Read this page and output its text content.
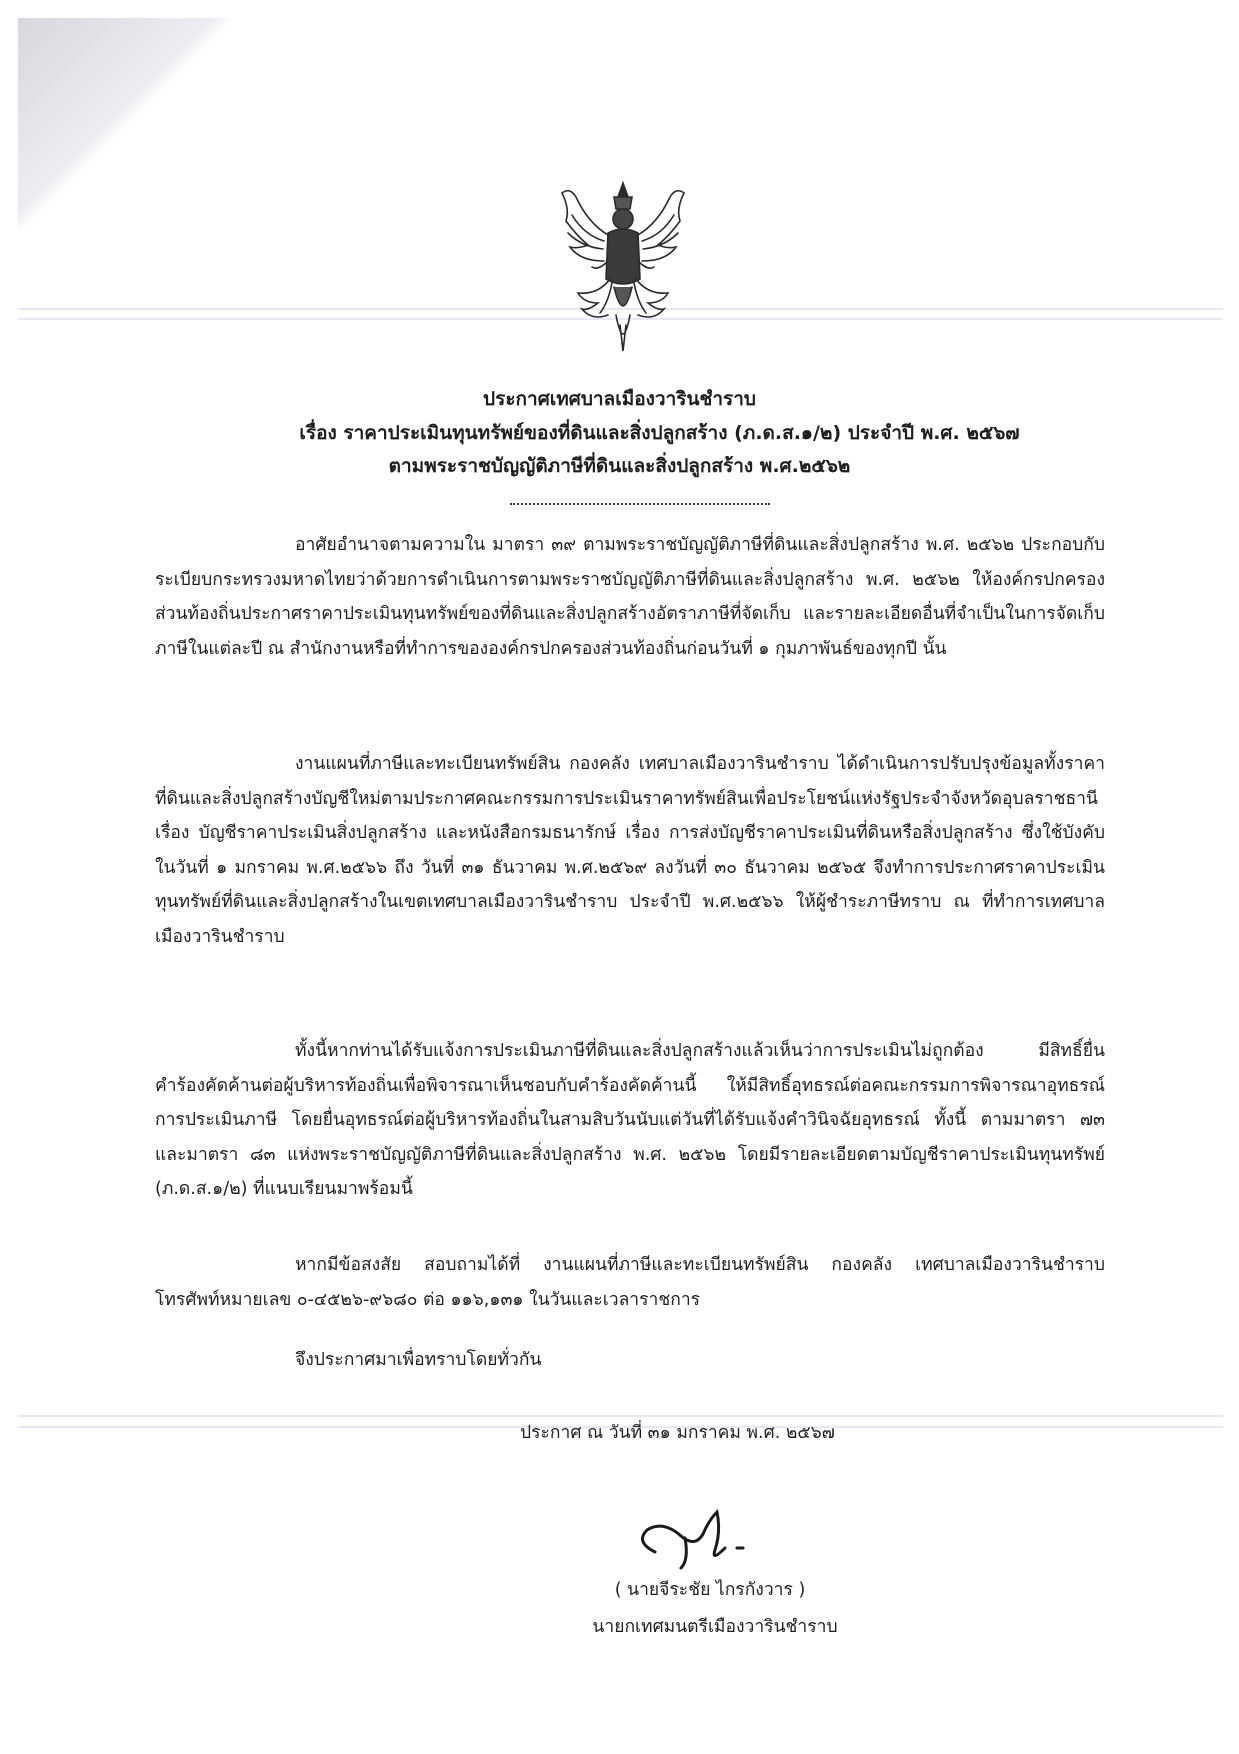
ประกาศเทศบาลเมืองวารินชำราบ
เรื่อง ราคาประเมินทุนทรัพย์ของที่ดินและสิ่งปลูกสร้าง (ภ.ด.ส.๑/๒) ประจำปี พ.ศ. ๒๕๖๗
ตามพระราชบัญญัติภาษีที่ดินและสิ่งปลูกสร้าง พ.ศ.๒๕๖๒
อาศัยอำนาจตามความใน มาตรา ๓๙ ตามพระราชบัญญัติภาษีที่ดินและสิ่งปลูกสร้าง พ.ศ. ๒๕๖๒ ประกอบกับระเบียบกระทรวงมหาดไทยว่าด้วยการดำเนินการตามพระราชบัญญัติภาษีที่ดินและสิ่งปลูกสร้าง พ.ศ. ๒๕๖๒ ให้องค์กรปกครองส่วนท้องถิ่นประกาศราคาประเมินทุนทรัพย์ของที่ดินและสิ่งปลูกสร้างอัตราภาษีที่จัดเก็บ และรายละเอียดอื่นที่จำเป็นในการจัดเก็บภาษีในแต่ละปี ณ สำนักงานหรือที่ทำการขององค์กรปกครองส่วนท้องถิ่นก่อนวันที่ ๑ กุมภาพันธ์ของทุกปี นั้น
งานแผนที่ภาษีและทะเบียนทรัพย์สิน กองคลัง เทศบาลเมืองวารินชำราบ ได้ดำเนินการปรับปรุงข้อมูลทั้งราคาที่ดินและสิ่งปลูกสร้างบัญชีใหม่ตามประกาศคณะกรรมการประเมินราคาทรัพย์สินเพื่อประโยชน์แห่งรัฐประจำจังหวัดอุบลราชธานี เรื่อง บัญชีราคาประเมินสิ่งปลูกสร้าง และหนังสือกรมธนารักษ์ เรื่อง การส่งบัญชีราคาประเมินที่ดินหรือสิ่งปลูกสร้าง ซึ่งใช้บังคับในวันที่ ๑ มกราคม พ.ศ.๒๕๖๖ ถึง วันที่ ๓๑ ธันวาคม พ.ศ.๒๕๖๙ ลงวันที่ ๓๐ ธันวาคม ๒๕๖๕ จึงทำการประกาศราคาประเมินทุนทรัพย์ที่ดินและสิ่งปลูกสร้างในเขตเทศบาลเมืองวารินชำราบ ประจำปี พ.ศ.๒๕๖๖ ให้ผู้ชำระภาษีทราบ ณ ที่ทำการเทศบาลเมืองวารินชำราบ
ทั้งนี้หากท่านได้รับแจ้งการประเมินภาษีที่ดินและสิ่งปลูกสร้างแล้วเห็นว่าการประเมินไม่ถูกต้อง มีสิทธิ์ยื่นคำร้องคัดค้านต่อผู้บริหารท้องถิ่นเพื่อพิจารณาเห็นชอบกับคำร้องคัดค้านนี้ ให้มีสิทธิ์อุทธรณ์ต่อคณะกรรมการพิจารณาอุทธรณ์การประเมินภาษี โดยยื่นอุทธรณ์ต่อผู้บริหารท้องถิ่นในสามสิบวันนับแต่วันที่ได้รับแจ้งคำวินิจฉัยอุทธรณ์ ทั้งนี้ ตามมาตรา ๗๓ และมาตรา ๘๓ แห่งพระราชบัญญัติภาษีที่ดินและสิ่งปลูกสร้าง พ.ศ. ๒๕๖๒ โดยมีรายละเอียดตามบัญชีราคาประเมินทุนทรัพย์ (ภ.ด.ส.๑/๒) ที่แนบเรียนมาพร้อมนี้
หากมีข้อสงสัย สอบถามได้ที่ งานแผนที่ภาษีและทะเบียนทรัพย์สิน กองคลัง เทศบาลเมืองวารินชำราบ โทรศัพท์หมายเลข ๐-๔๕๒๖-๙๖๘๐ ต่อ ๑๑๖,๑๓๑ ในวันและเวลาราชการ
จึงประกาศมาเพื่อทราบโดยทั่วกัน
ประกาศ ณ วันที่ ๓๑ มกราคม พ.ศ. ๒๕๖๗
( นายจีระชัย ไกรกังวาร )
นายกเทศมนตรีเมืองวารินชำราบ
